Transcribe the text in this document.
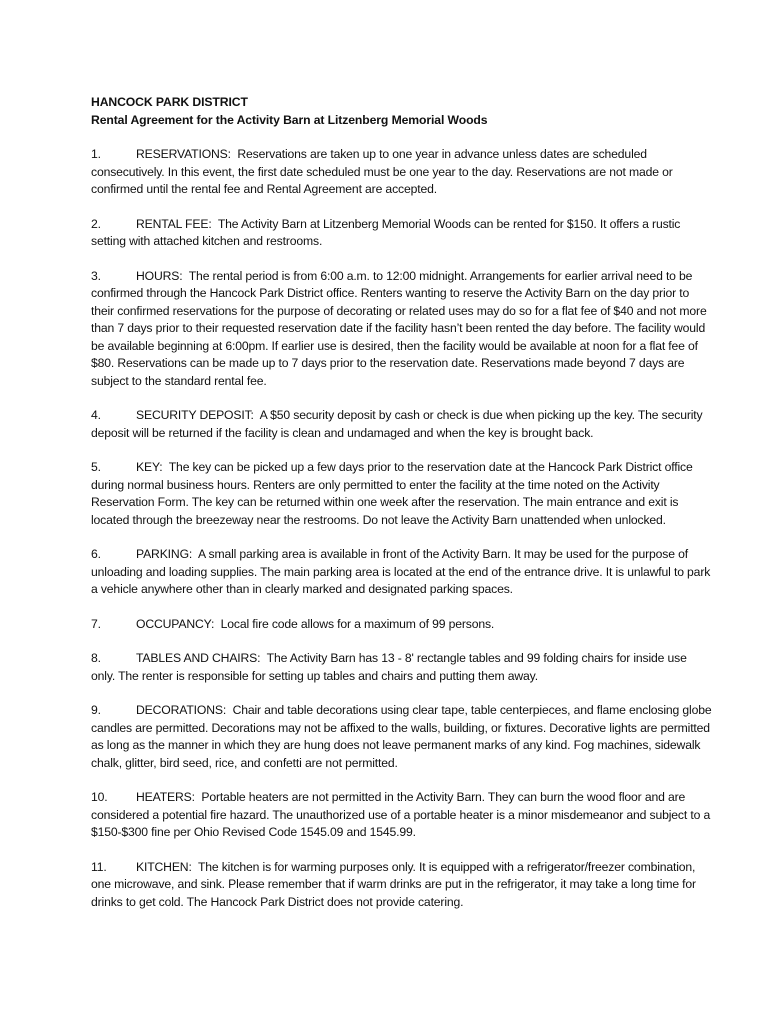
HANCOCK PARK DISTRICT
Rental Agreement for the Activity Barn at Litzenberg Memorial Woods

1.	RESERVATIONS: Reservations are taken up to one year in advance unless dates are scheduled consecutively. In this event, the first date scheduled must be one year to the day. Reservations are not made or confirmed until the rental fee and Rental Agreement are accepted.

2.	RENTAL FEE: The Activity Barn at Litzenberg Memorial Woods can be rented for $150. It offers a rustic setting with attached kitchen and restrooms.

3.	HOURS: The rental period is from 6:00 a.m. to 12:00 midnight. Arrangements for earlier arrival need to be confirmed through the Hancock Park District office. Renters wanting to reserve the Activity Barn on the day prior to their confirmed reservations for the purpose of decorating or related uses may do so for a flat fee of $40 and not more than 7 days prior to their requested reservation date if the facility hasn’t been rented the day before. The facility would be available beginning at 6:00pm. If earlier use is desired, then the facility would be available at noon for a flat fee of $80. Reservations can be made up to 7 days prior to the reservation date. Reservations made beyond 7 days are subject to the standard rental fee.

4.	SECURITY DEPOSIT: A $50 security deposit by cash or check is due when picking up the key. The security deposit will be returned if the facility is clean and undamaged and when the key is brought back.

5.	KEY: The key can be picked up a few days prior to the reservation date at the Hancock Park District office during normal business hours. Renters are only permitted to enter the facility at the time noted on the Activity Reservation Form. The key can be returned within one week after the reservation. The main entrance and exit is located through the breezeway near the restrooms. Do not leave the Activity Barn unattended when unlocked.

6.	PARKING: A small parking area is available in front of the Activity Barn. It may be used for the purpose of unloading and loading supplies. The main parking area is located at the end of the entrance drive. It is unlawful to park a vehicle anywhere other than in clearly marked and designated parking spaces.

7.	OCCUPANCY: Local fire code allows for a maximum of 99 persons.

8.	TABLES AND CHAIRS: The Activity Barn has 13 - 8' rectangle tables and 99 folding chairs for inside use only. The renter is responsible for setting up tables and chairs and putting them away.

9.	DECORATIONS: Chair and table decorations using clear tape, table centerpieces, and flame enclosing globe candles are permitted. Decorations may not be affixed to the walls, building, or fixtures. Decorative lights are permitted as long as the manner in which they are hung does not leave permanent marks of any kind. Fog machines, sidewalk chalk, glitter, bird seed, rice, and confetti are not permitted.

10. HEATERS: Portable heaters are not permitted in the Activity Barn. They can burn the wood floor and are considered a potential fire hazard. The unauthorized use of a portable heater is a minor misdemeanor and subject to a $150-$300 fine per Ohio Revised Code 1545.09 and 1545.99.

11. KITCHEN: The kitchen is for warming purposes only. It is equipped with a refrigerator/freezer combination, one microwave, and sink. Please remember that if warm drinks are put in the refrigerator, it may take a long time for drinks to get cold. The Hancock Park District does not provide catering.
